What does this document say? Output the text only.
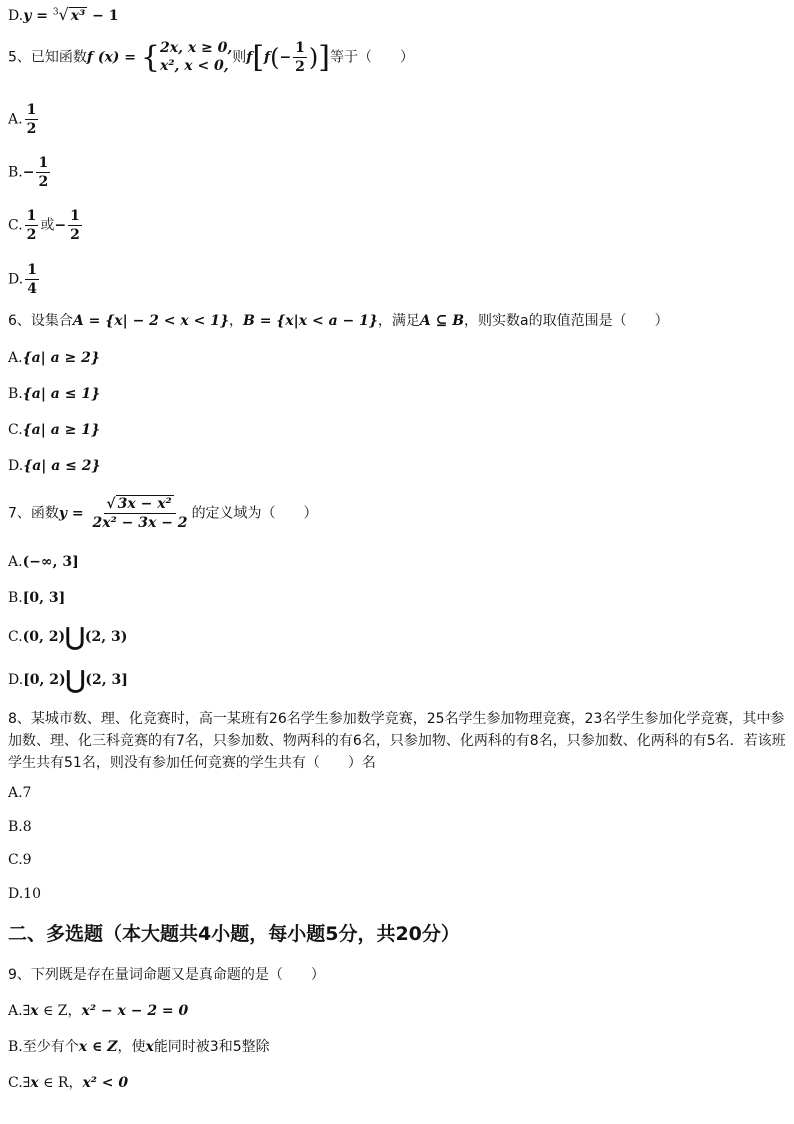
D.y = $^3$√ x³ − 1
5、已知函数f (x) = { 2x, x ≥ 0,
x², x < 0, 则$f[f(- \frac{1}{2}$ )]等于（　　）
A. $\frac{1}{2}$
$B.- \frac{1}{2}$
C. $\frac{1}{2}$ 或− $\frac{1}{2}$
D. $\frac{1}{4}$
6、设集合A = {x| − 2 < x < 1}，B = {x|x < a − 1}，满足A ⊆ B，则实数a的取值范围是（　　）
A.{a| a ≥ 2}
B.{a| a ≤ 1}
C.{a| a ≥ 1}
D.{a| a ≤ 2}
7、函数$y = \frac{\text{√ 3x − x²}}{\text{2x² − 3x − 2}}$ 的定义域为（　　）
A.(−∞, 3]
B.[0, 3]
C.(0, 2)⋃(2, 3)
D.[0, 2)⋃(2, 3]
8、某城市数、理、化竞赛时，高一某班有26名学生参加数学竞赛，25名学生参加物理竞赛，23名学生参加化学竞赛，其中参加数、理、化三科竞赛的有7名，只参加数、物两科的有6名，只参加物、化两科的有8名，只参加数、化两科的有5名．若该班学生共有51名，则没有参加任何竞赛的学生共有（　　）名
A.7
B.8
C.9
D.10
二、多选题（本大题共4小题，每小题5分，共20分）
9、下列既是存在量词命题又是真命题的是（　　）
A.∃x ∈ Z，x² − x − 2 = 0
B.至少有个x ∈ Z，使x能同时被3和5整除
C.∃x ∈ R，x² < 0
